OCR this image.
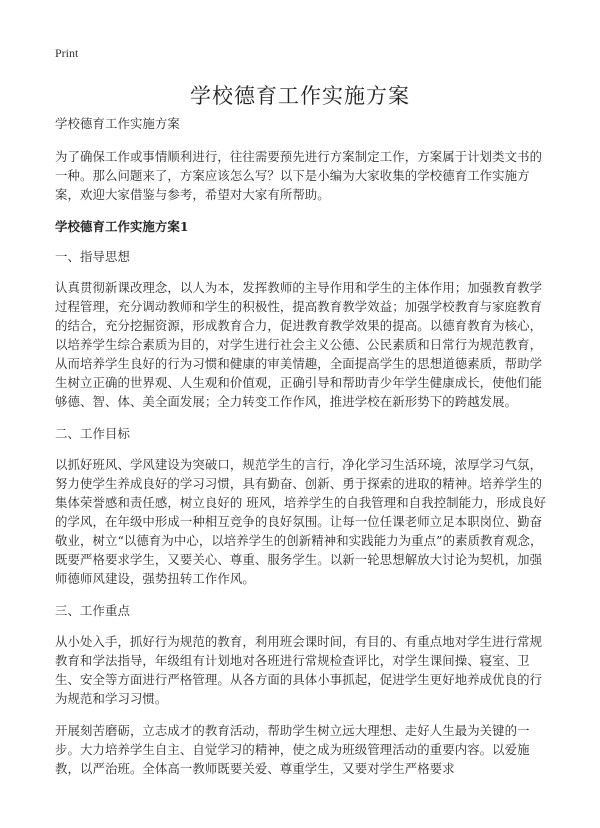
Print
学校德育工作实施方案

学校德育工作实施方案

为了确保工作或事情顺利进行，往往需要预先进行方案制定工作，方案属于计划类文书的一种。那么问题来了，方案应该怎么写？以下是小编为大家收集的学校德育工作实施方案，欢迎大家借鉴与参考，希望对大家有所帮助。

学校德育工作实施方案1

一、指导思想

认真贯彻新课改理念，以人为本，发挥教师的主导作用和学生的主体作用；加强教育教学过程管理，充分调动教师和学生的积极性，提高教育教学效益；加强学校教育与家庭教育的结合，充分挖掘资源，形成教育合力，促进教育教学效果的提高。以德育教育为核心，以培养学生综合素质为目的，对学生进行社会主义公德、公民素质和日常行为规范教育，从而培养学生良好的行为习惯和健康的审美情趣，全面提高学生的思想道德素质，帮助学生树立正确的世界观、人生观和价值观，正确引导和帮助青少年学生健康成长，使他们能够德、智、体、美全面发展；全力转变工作作风，推进学校在新形势下的跨越发展。

二、工作目标

以抓好班风、学风建设为突破口，规范学生的言行，净化学习生活环境，浓厚学习气氛，努力使学生养成良好的学习习惯，具有勤奋、创新、勇于探索的进取的精神。培养学生的集体荣誉感和责任感，树立良好的 班风，培养学生的自我管理和自我控制能力，形成良好的学风，在年级中形成一种相互竞争的良好氛围。让每一位任课老师立足本职岗位、勤奋敬业，树立“以德育为中心，以培养学生的创新精神和实践能力为重点”的素质教育观念，既要严格要求学生，又要关心、尊重、服务学生。以新一轮思想解放大讨论为契机，加强师德师风建设，强势扭转工作作风。

三、工作重点

从小处入手，抓好行为规范的教育，利用班会课时间，有目的、有重点地对学生进行常规教育和学法指导，年级组有计划地对各班进行常规检查评比，对学生课间操、寝室、卫生、安全等方面进行严格管理。从各方面的具体小事抓起，促进学生更好地养成优良的行为规范和学习习惯。

开展刻苦磨砺，立志成才的教育活动，帮助学生树立远大理想、走好人生最为关键的一步。大力培养学生自主、自觉学习的精神，使之成为班级管理活动的重要内容。以爱施教，以严治班。全体高一教师既要关爱、尊重学生，又要对学生严格要求
